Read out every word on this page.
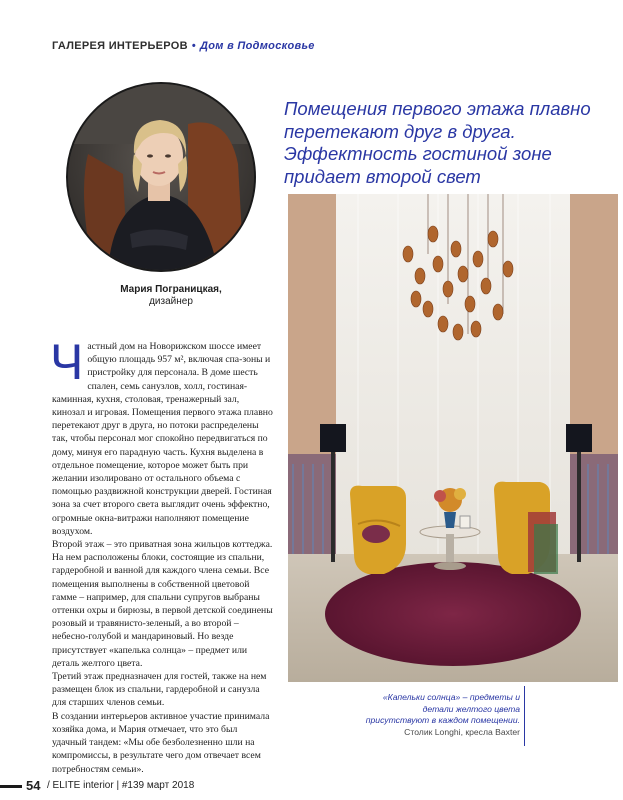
ГАЛЕРЕЯ ИНТЕРЬЕРОВ • Дом в Подмосковье
Мария Пограницкая,
дизайнер
Помещения первого этажа плавно перетекают друг в друга. Эффектность гостиной зоне придает второй свет

Частный дом на Новорижском шоссе имеет общую площадь 957 м², включая спа-зоны и пристройку для персонала. В доме шесть спален, семь санузлов, холл, гостиная-каминная, кухня, столовая, тренажерный зал, кинозал и игровая. Помещения первого этажа плавно перетекают друг в друга, но потоки распределены так, чтобы персонал мог спокойно передвигаться по дому, минуя его парадную часть. Кухня выделена в отдельное помещение, которое может быть при желании изолировано от остального объема с помощью раздвижной конструкции дверей. Гостиная зона за счет второго света выглядит очень эффектно, огромные окна-витражи наполняют помещение воздухом.

Второй этаж – это приватная зона жильцов коттеджа. На нем расположены блоки, состоящие из спальни, гардеробной и ванной для каждого члена семьи. Все помещения выполнены в собственной цветовой гамме – например, для спальни супругов выбраны оттенки охры и бирюзы, в первой детской соединены розовый и травянисто-зеленый, а во второй – небесно-голубой и мандариновый. Но везде присутствует «капелька солнца» – предмет или деталь желтого цвета.

Третий этаж предназначен для гостей, также на нем размещен блок из спальни, гардеробной и санузла для старших членов семьи.

В создании интерьеров активное участие принимала хозяйка дома, и Мария отмечает, что это был удачный тандем: «Мы обе безболезненно шли на компромиссы, в результате чего дом отвечает всем потребностям семьи».

«Капельки солнца» – предметы и детали желтого цвета присутствуют в каждом помещении. Столик Longhi, кресла Baxter
54 / ELITE interior | #139 март 2018
